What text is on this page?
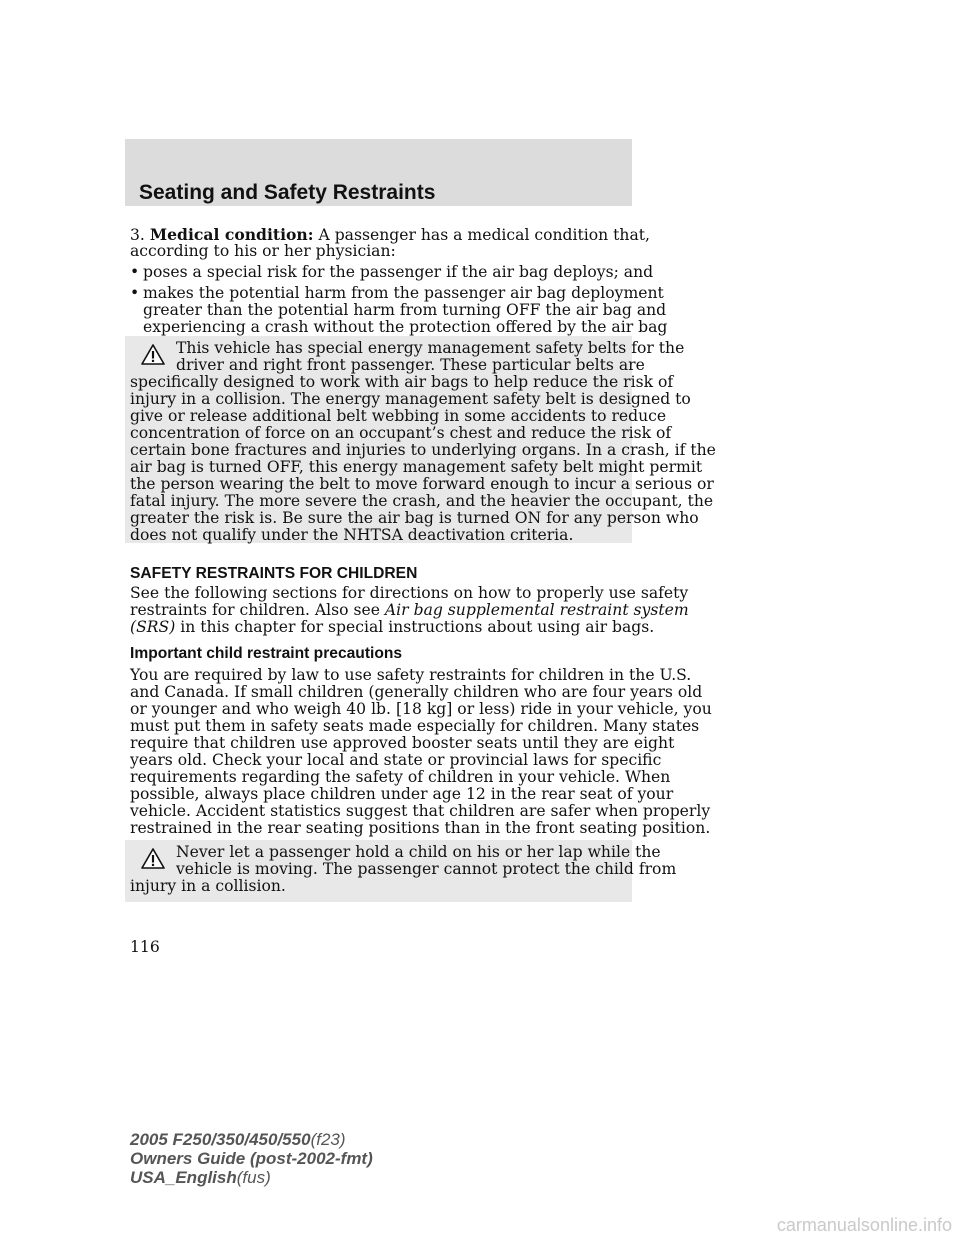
Seating and Safety Restraints
3. Medical condition: A passenger has a medical condition that,
according to his or her physician:
• poses a special risk for the passenger if the air bag deploys; and
• makes the potential harm from the passenger air bag deployment
greater than the potential harm from turning OFF the air bag and
experiencing a crash without the protection offered by the air bag
This vehicle has special energy management safety belts for the
driver and right front passenger. These particular belts are
specifically designed to work with air bags to help reduce the risk of
injury in a collision. The energy management safety belt is designed to
give or release additional belt webbing in some accidents to reduce
concentration of force on an occupant’s chest and reduce the risk of
certain bone fractures and injuries to underlying organs. In a crash, if the
air bag is turned OFF, this energy management safety belt might permit
the person wearing the belt to move forward enough to incur a serious or
fatal injury. The more severe the crash, and the heavier the occupant, the
greater the risk is. Be sure the air bag is turned ON for any person who
does not qualify under the NHTSA deactivation criteria.
SAFETY RESTRAINTS FOR CHILDREN
See the following sections for directions on how to properly use safety
restraints for children. Also see Air bag supplemental restraint system
(SRS) in this chapter for special instructions about using air bags.
Important child restraint precautions
You are required by law to use safety restraints for children in the U.S.
and Canada. If small children (generally children who are four years old
or younger and who weigh 40 lb. [18 kg] or less) ride in your vehicle, you
must put them in safety seats made especially for children. Many states
require that children use approved booster seats until they are eight
years old. Check your local and state or provincial laws for specific
requirements regarding the safety of children in your vehicle. When
possible, always place children under age 12 in the rear seat of your
vehicle. Accident statistics suggest that children are safer when properly
restrained in the rear seating positions than in the front seating position.
Never let a passenger hold a child on his or her lap while the
vehicle is moving. The passenger cannot protect the child from
injury in a collision.
116
2005 F250/350/450/550(f23)
Owners Guide (post-2002-fmt)
USA_English(fus)
carmanualsonline.info
